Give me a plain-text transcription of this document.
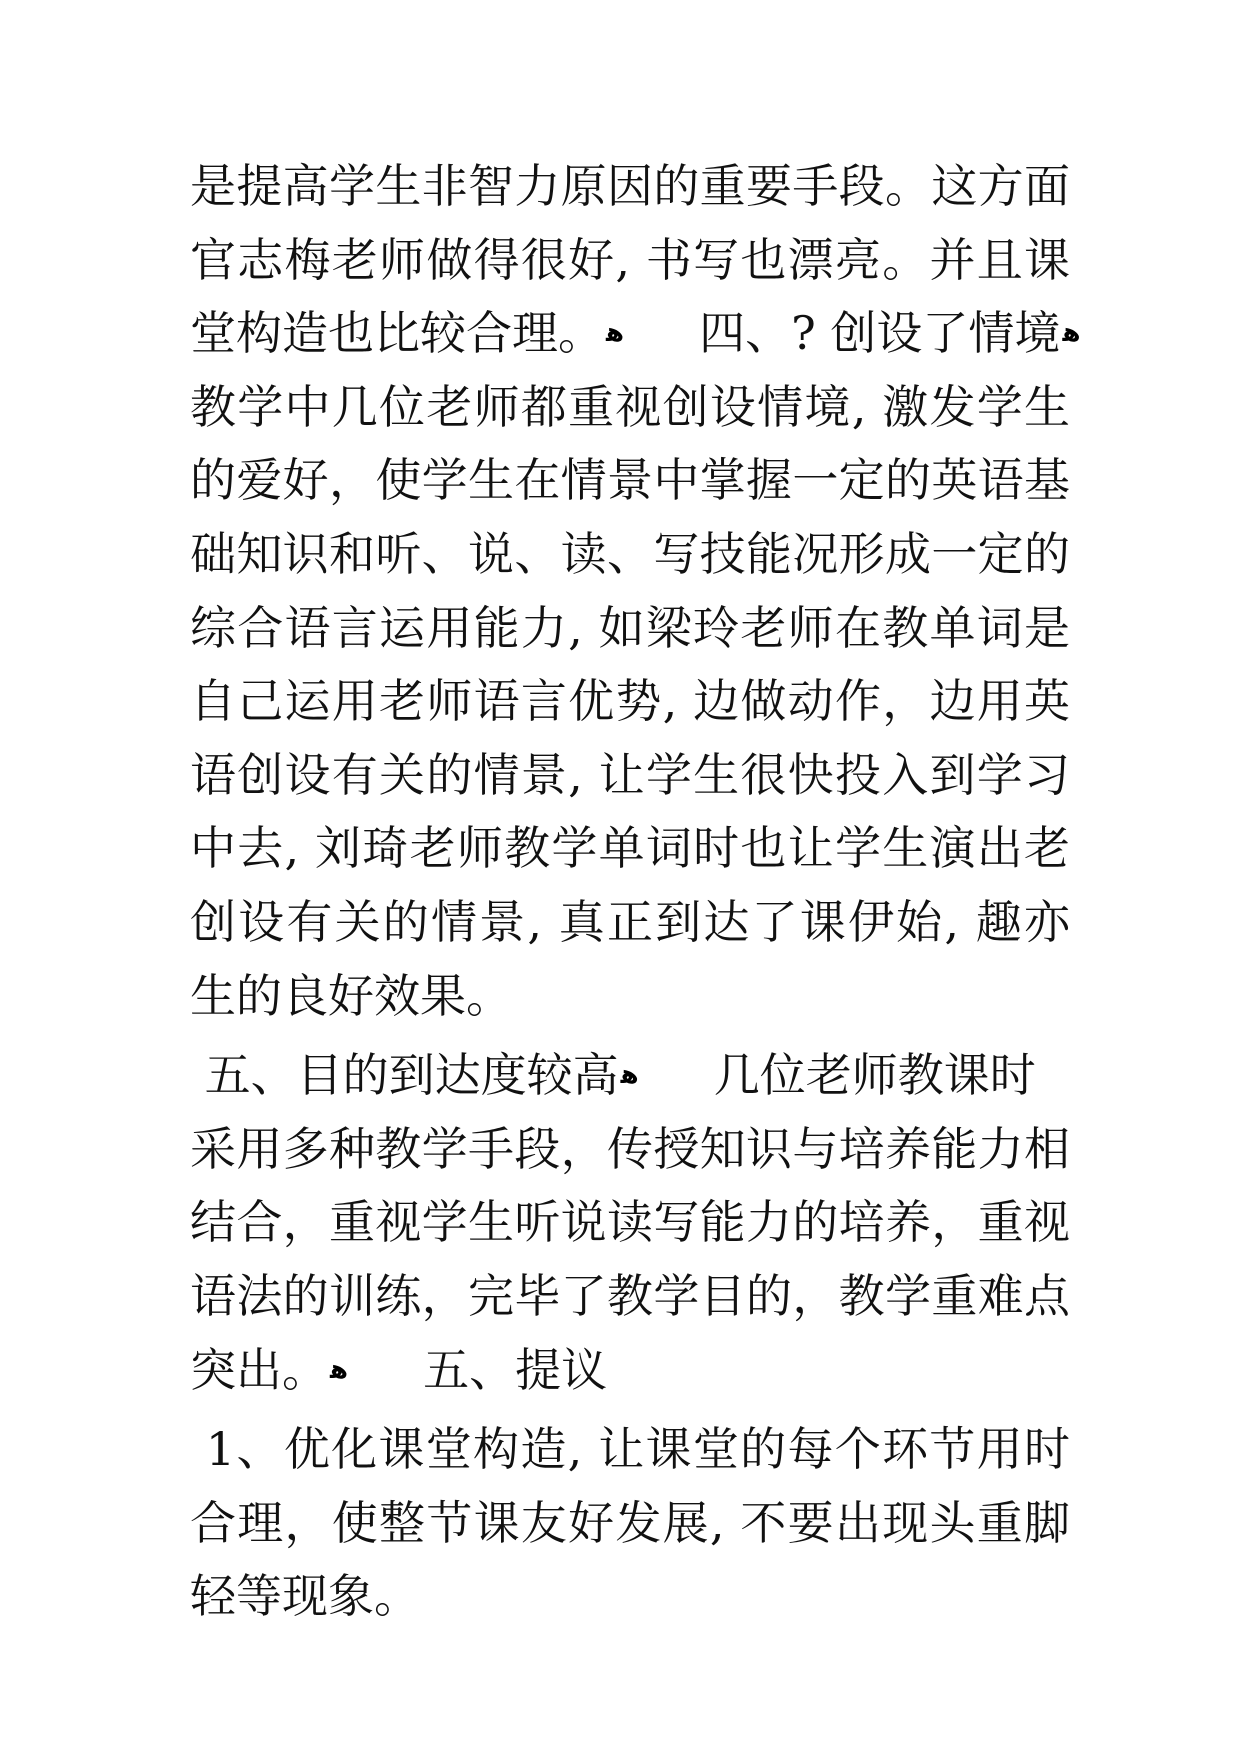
是提高学生非智力原因的重要手段。这方面
官志梅老师做得很好, 书写也漂亮。并且课
堂构造也比较合理。ﻫ     四、? 创设了情境ﻫ
教学中几位老师都重视创设情境, 激发学生
的爱好，使学生在情景中掌握一定的英语基
础知识和听、说、读、写技能况形成一定的
综合语言运用能力, 如梁玲老师在教单词是
自己运用老师语言优势, 边做动作，边用英
语创设有关的情景, 让学生很快投入到学习
中去, 刘琦老师教学单词时也让学生演出老
创设有关的情景, 真正到达了课伊始, 趣亦
生的良好效果。
五、目的到达度较高ﻫ     几位老师教课时
采用多种教学手段，传授知识与培养能力相
结合，重视学生听说读写能力的培养，重视
语法的训练，完毕了教学目的，教学重难点
突出。ﻫ     五、提议
1、优化课堂构造, 让课堂的每个环节用时
合理，使整节课友好发展, 不要出现头重脚
轻等现象。
